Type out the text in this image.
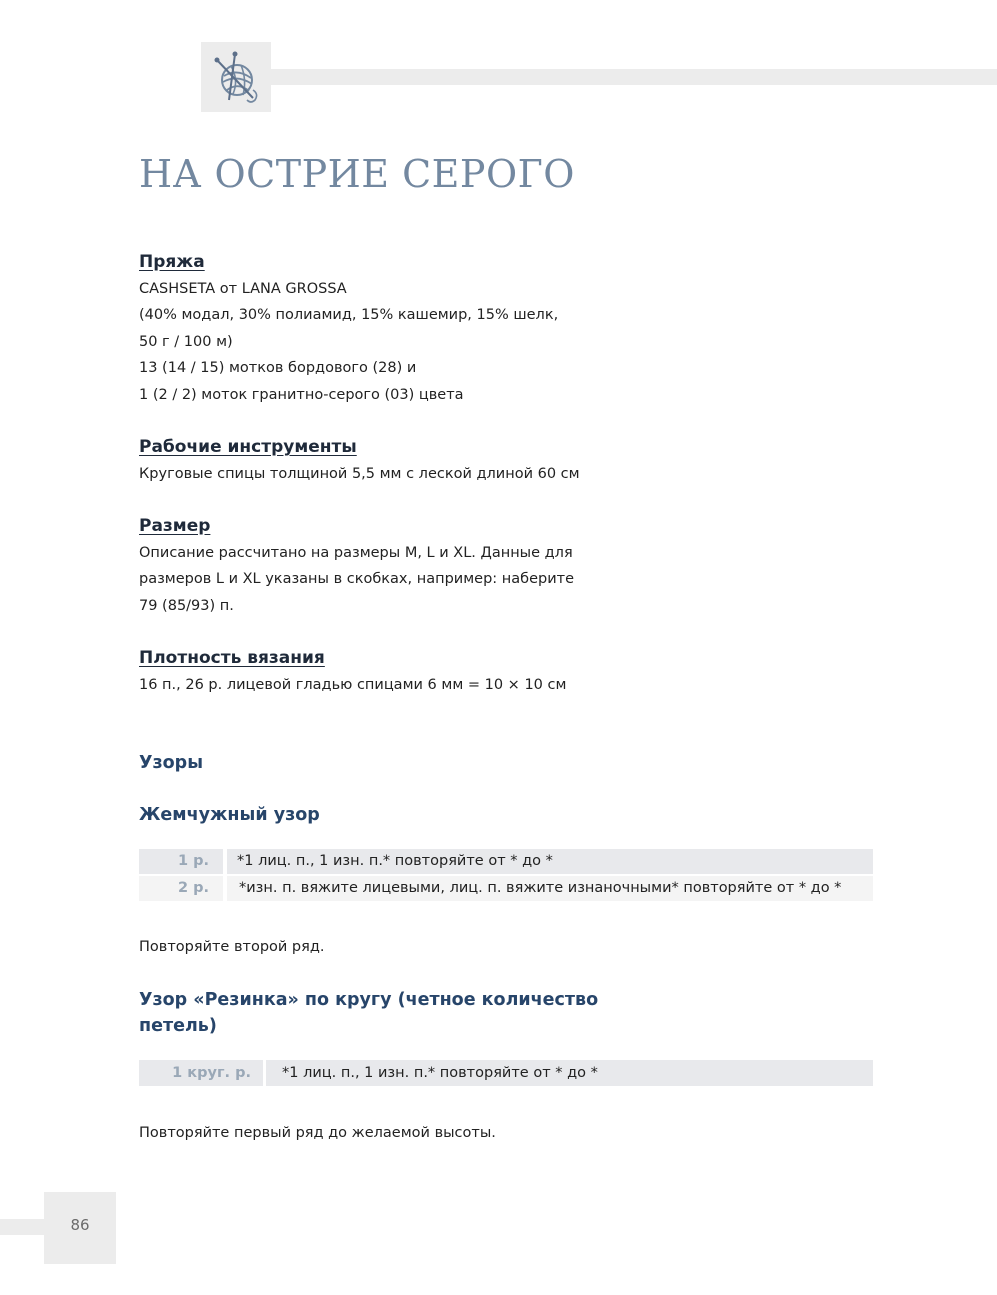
НА ОСТРИЕ СЕРОГО
Пряжа
CASHSETA от LANA GROSSA
(40% модал, 30% полиамид, 15% кашемир, 15% шелк,
50 г / 100 м)
13 (14 / 15) мотков бордового (28) и
1 (2 / 2) моток гранитно-серого (03) цвета
Рабочие инструменты
Круговые спицы толщиной 5,5 мм с леской длиной 60 см
Размер
Описание рассчитано на размеры M, L и XL. Данные для
размеров L и XL указаны в скобках, например: наберите
79 (85/93) п.
Плотность вязания
16 п., 26 р. лицевой гладью спицами 6 мм = 10 × 10 см
Узоры
Жемчужный узор
1 р.	*1 лиц. п., 1 изн. п.* повторяйте от * до *
2 р.	*изн. п. вяжите лицевыми, лиц. п. вяжите изнаночными* повторяйте от * до *
Повторяйте второй ряд.
Узор «Резинка» по кругу (четное количество
петель)
1 круг. р.	*1 лиц. п., 1 изн. п.* повторяйте от * до *
Повторяйте первый ряд до желаемой высоты.
86
